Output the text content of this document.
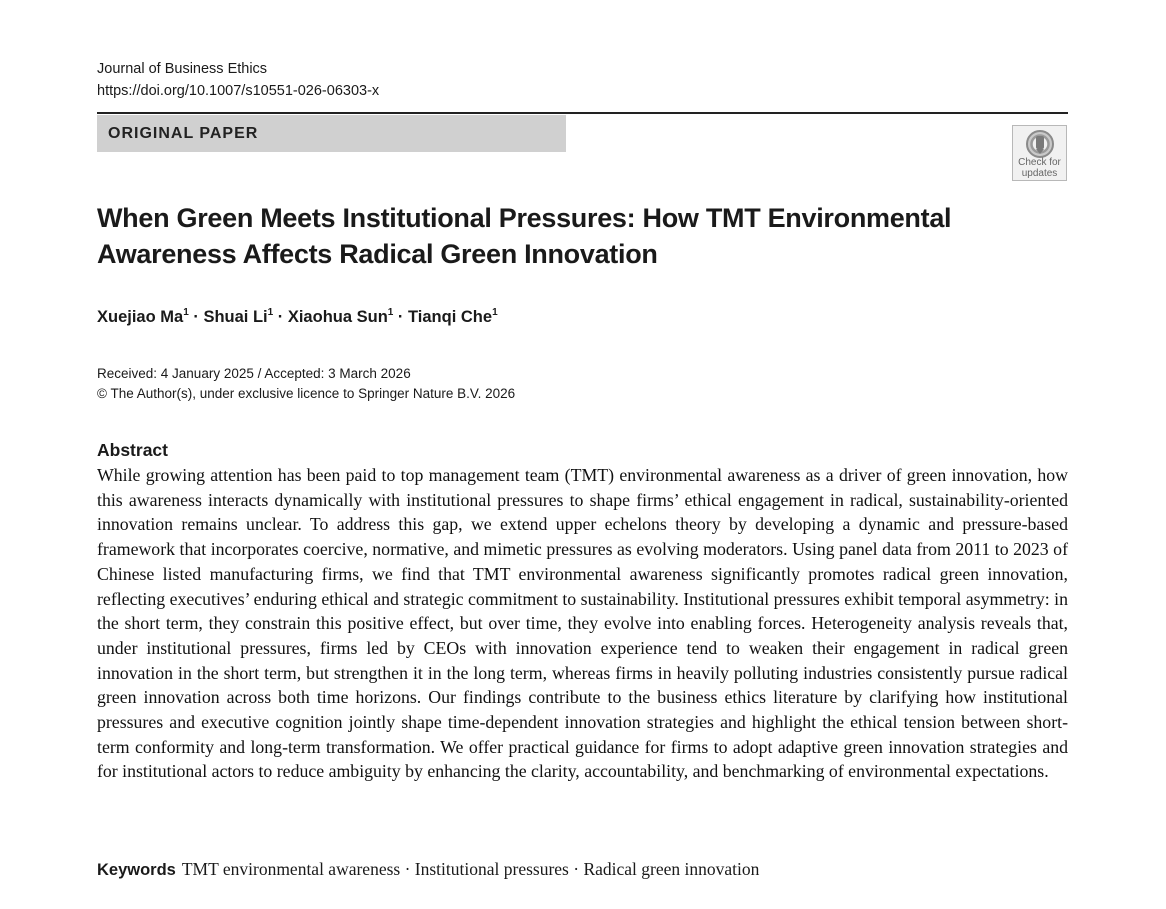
Journal of Business Ethics
https://doi.org/10.1007/s10551-026-06303-x
ORIGINAL PAPER
Check for
updates
When Green Meets Institutional Pressures: How TMT Environmental
Awareness Affects Radical Green Innovation
Xuejiao $Ma^1$ · Shuai $Li^1$ · Xiaohua Sun$^1$ · Tianqi Che$^1$
Received: 4 January 2025 / Accepted: 3 March 2026
© The Author(s), under exclusive licence to Springer Nature B.V. 2026
Abstract

While growing attention has been paid to top management team (TMT) environmental awareness as a driver of green innovation, how this awareness interacts dynamically with institutional pressures to shape firms’ ethical engagement in radical, sustainability-oriented innovation remains unclear. To address this gap, we extend upper echelons theory by developing a dynamic and pressure-based framework that incorporates coercive, normative, and mimetic pressures as evolving moderators. Using panel data from 2011 to 2023 of Chinese listed manufacturing firms, we find that TMT environmental awareness significantly promotes radical green innovation, reflecting executives’ enduring ethical and strategic commitment to sustainability. Institutional pressures exhibit temporal asymmetry: in the short term, they constrain this positive effect, but over time, they evolve into enabling forces. Heterogeneity analysis reveals that, under institutional pressures, firms led by CEOs with innovation experience tend to weaken their engagement in radical green innovation in the short term, but strengthen it in the long term, whereas firms in heavily polluting industries consistently pursue radical green innovation across both time horizons. Our findings contribute to the business ethics literature by clarifying how institutional pressures and executive cognition jointly shape time-dependent innovation strategies and highlight the ethical tension between short-term conformity and long-term transformation. We offer practical guidance for firms to adopt adaptive green innovation strategies and for institutional actors to reduce ambiguity by enhancing the clarity, accountability, and benchmarking of environmental expectations.

Keywords TMT environmental awareness · Institutional pressures · Radical green innovation
